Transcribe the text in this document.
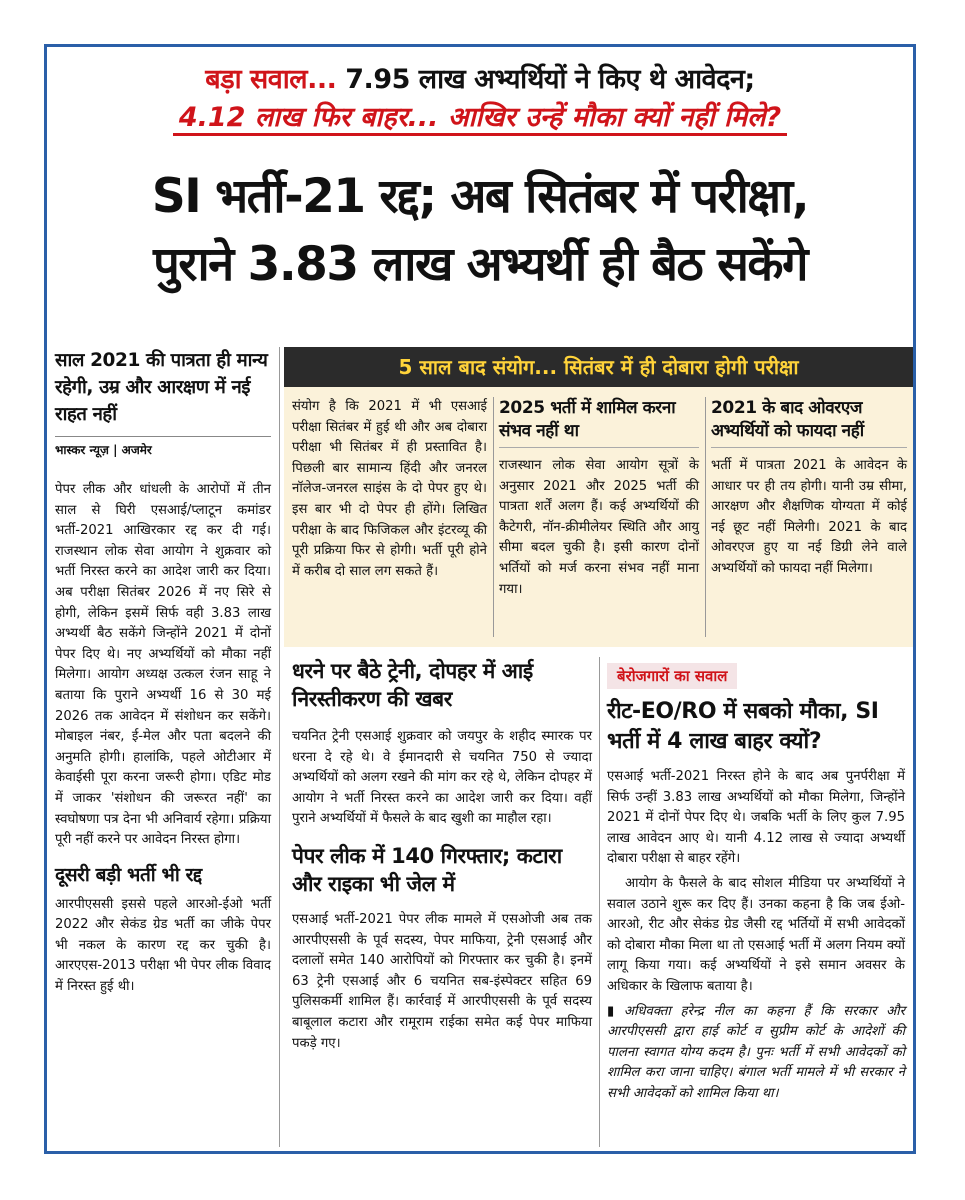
बड़ा सवाल... 7.95 लाख अभ्यर्थियों ने किए थे आवेदन;

4.12 लाख फिर बाहर... आखिर उन्हें मौका क्यों नहीं मिले?

SI भर्ती-21 रद्द; अब सितंबर में परीक्षा,
पुराने 3.83 लाख अभ्यर्थी ही बैठ सकेंगे
साल 2021 की पात्रता ही मान्य रहेगी, उम्र और आरक्षण में नई राहत नहीं
भास्कर न्यूज़ | अजमेर
पेपर लीक और धांधली के आरोपों में तीन साल से घिरी एसआई/प्लाटून कमांडर भर्ती-2021 आखिरकार रद्द कर दी गई। राजस्थान लोक सेवा आयोग ने शुक्रवार को भर्ती निरस्त करने का आदेश जारी कर दिया। अब परीक्षा सितंबर 2026 में नए सिरे से होगी, लेकिन इसमें सिर्फ वही 3.83 लाख अभ्यर्थी बैठ सकेंगे जिन्होंने 2021 में दोनों पेपर दिए थे। नए अभ्यर्थियों को मौका नहीं मिलेगा। आयोग अध्यक्ष उत्कल रंजन साहू ने बताया कि पुराने अभ्यर्थी 16 से 30 मई 2026 तक आवेदन में संशोधन कर सकेंगे। मोबाइल नंबर, ई-मेल और पता बदलने की अनुमति होगी। हालांकि, पहले ओटीआर में केवाईसी पूरा करना जरूरी होगा। एडिट मोड में जाकर 'संशोधन की जरूरत नहीं' का स्वघोषणा पत्र देना भी अनिवार्य रहेगा। प्रक्रिया पूरी नहीं करने पर आवेदन निरस्त होगा।
दूसरी बड़ी भर्ती भी रद्द
आरपीएससी इससे पहले आरओ-ईओ भर्ती 2022 और सेकंड ग्रेड भर्ती का जीके पेपर भी नकल के कारण रद्द कर चुकी है। आरएएस-2013 परीक्षा भी पेपर लीक विवाद में निरस्त हुई थी।
5 साल बाद संयोग... सितंबर में ही दोबारा होगी परीक्षा
संयोग है कि 2021 में भी एसआई परीक्षा सितंबर में हुई थी और अब दोबारा परीक्षा भी सितंबर में ही प्रस्तावित है। पिछली बार सामान्य हिंदी और जनरल नॉलेज-जनरल साइंस के दो पेपर हुए थे। इस बार भी दो पेपर ही होंगे। लिखित परीक्षा के बाद फिजिकल और इंटरव्यू की पूरी प्रक्रिया फिर से होगी। भर्ती पूरी होने में करीब दो साल लग सकते हैं।
2025 भर्ती में शामिल करना संभव नहीं था
राजस्थान लोक सेवा आयोग सूत्रों के अनुसार 2021 और 2025 भर्ती की पात्रता शर्तें अलग हैं। कई अभ्यर्थियों की कैटेगरी, नॉन-क्रीमीलेयर स्थिति और आयु सीमा बदल चुकी है। इसी कारण दोनों भर्तियों को मर्ज करना संभव नहीं माना गया।
2021 के बाद ओवरएज अभ्यर्थियों को फायदा नहीं
भर्ती में पात्रता 2021 के आवेदन के आधार पर ही तय होगी। यानी उम्र सीमा, आरक्षण और शैक्षणिक योग्यता में कोई नई छूट नहीं मिलेगी। 2021 के बाद ओवरएज हुए या नई डिग्री लेने वाले अभ्यर्थियों को फायदा नहीं मिलेगा।
धरने पर बैठे ट्रेनी, दोपहर में आई निरस्तीकरण की खबर
चयनित ट्रेनी एसआई शुक्रवार को जयपुर के शहीद स्मारक पर धरना दे रहे थे। वे ईमानदारी से चयनित 750 से ज्यादा अभ्यर्थियों को अलग रखने की मांग कर रहे थे, लेकिन दोपहर में आयोग ने भर्ती निरस्त करने का आदेश जारी कर दिया। वहीं पुराने अभ्यर्थियों में फैसले के बाद खुशी का माहौल रहा।
पेपर लीक में 140 गिरफ्तार; कटारा और राइका भी जेल में
एसआई भर्ती-2021 पेपर लीक मामले में एसओजी अब तक आरपीएससी के पूर्व सदस्य, पेपर माफिया, ट्रेनी एसआई और दलालों समेत 140 आरोपियों को गिरफ्तार कर चुकी है। इनमें 63 ट्रेनी एसआई और 6 चयनित सब-इंस्पेक्टर सहित 69 पुलिसकर्मी शामिल हैं। कार्रवाई में आरपीएससी के पूर्व सदस्य बाबूलाल कटारा और रामूराम राईका समेत कई पेपर माफिया पकड़े गए।
बेरोजगारों का सवाल
रीट-EO/RO में सबको मौका, SI भर्ती में 4 लाख बाहर क्यों?
एसआई भर्ती-2021 निरस्त होने के बाद अब पुनर्परीक्षा में सिर्फ उन्हीं 3.83 लाख अभ्यर्थियों को मौका मिलेगा, जिन्होंने 2021 में दोनों पेपर दिए थे। जबकि भर्ती के लिए कुल 7.95 लाख आवेदन आए थे। यानी 4.12 लाख से ज्यादा अभ्यर्थी दोबारा परीक्षा से बाहर रहेंगे।
आयोग के फैसले के बाद सोशल मीडिया पर अभ्यर्थियों ने सवाल उठाने शुरू कर दिए हैं। उनका कहना है कि जब ईओ-आरओ, रीट और सेकंड ग्रेड जैसी रद्द भर्तियों में सभी आवेदकों को दोबारा मौका मिला था तो एसआई भर्ती में अलग नियम क्यों लागू किया गया। कई अभ्यर्थियों ने इसे समान अवसर के अधिकार के खिलाफ बताया है।
▮ अधिवक्ता हरेन्द्र नील का कहना हैं कि सरकार और आरपीएससी द्वारा हाई कोर्ट व सुप्रीम कोर्ट के आदेशों की पालना स्वागत योग्य कदम है। पुनः भर्ती में सभी आवेदकों को शामिल करा जाना चाहिए। बंगाल भर्ती मामले में भी सरकार ने सभी आवेदकों को शामिल किया था।
